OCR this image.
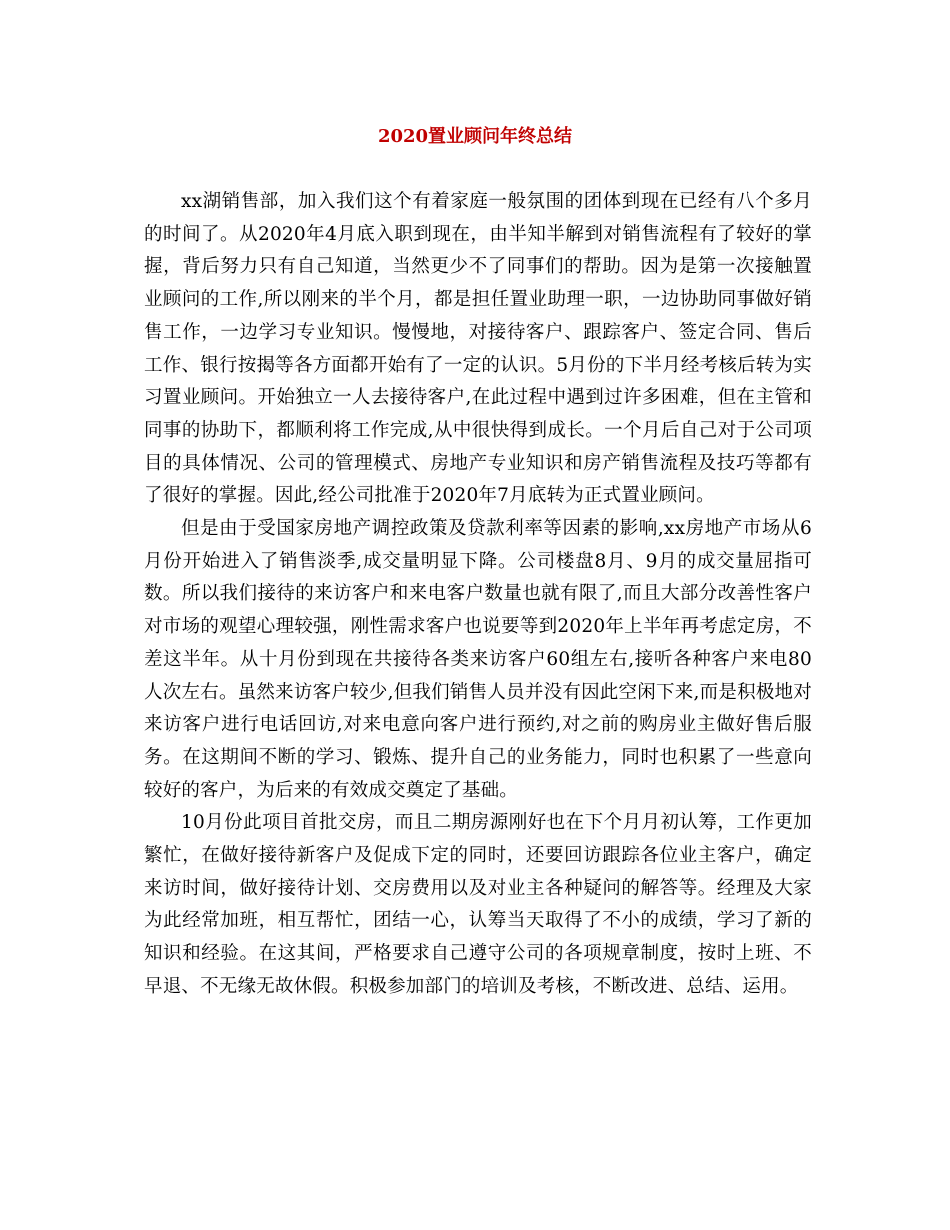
2020置业顾问年终总结

xx湖销售部，加入我们这个有着家庭一般氛围的团体到现在已经有八个多月的时间了。从2020年4月底入职到现在，由半知半解到对销售流程有了较好的掌握，背后努力只有自己知道，当然更少不了同事们的帮助。因为是第一次接触置业顾问的工作,所以刚来的半个月，都是担任置业助理一职，一边协助同事做好销售工作，一边学习专业知识。慢慢地，对接待客户、跟踪客户、签定合同、售后工作、银行按揭等各方面都开始有了一定的认识。5月份的下半月经考核后转为实习置业顾问。开始独立一人去接待客户,在此过程中遇到过许多困难，但在主管和同事的协助下，都顺利将工作完成,从中很快得到成长。一个月后自己对于公司项目的具体情况、公司的管理模式、房地产专业知识和房产销售流程及技巧等都有了很好的掌握。因此,经公司批准于2020年7月底转为正式置业顾问。

但是由于受国家房地产调控政策及贷款利率等因素的影响,xx房地产市场从6月份开始进入了销售淡季,成交量明显下降。公司楼盘8月、9月的成交量屈指可数。所以我们接待的来访客户和来电客户数量也就有限了,而且大部分改善性客户对市场的观望心理较强，刚性需求客户也说要等到2020年上半年再考虑定房，不差这半年。从十月份到现在共接待各类来访客户60组左右,接听各种客户来电80人次左右。虽然来访客户较少,但我们销售人员并没有因此空闲下来,而是积极地对来访客户进行电话回访,对来电意向客户进行预约,对之前的购房业主做好售后服务。在这期间不断的学习、锻炼、提升自己的业务能力，同时也积累了一些意向较好的客户，为后来的有效成交奠定了基础。

10月份此项目首批交房，而且二期房源刚好也在下个月月初认筹，工作更加繁忙，在做好接待新客户及促成下定的同时，还要回访跟踪各位业主客户，确定来访时间，做好接待计划、交房费用以及对业主各种疑问的解答等。经理及大家为此经常加班，相互帮忙，团结一心，认筹当天取得了不小的成绩，学习了新的知识和经验。在这其间，严格要求自己遵守公司的各项规章制度，按时上班、不早退、不无缘无故休假。积极参加部门的培训及考核，不断改进、总结、运用。
